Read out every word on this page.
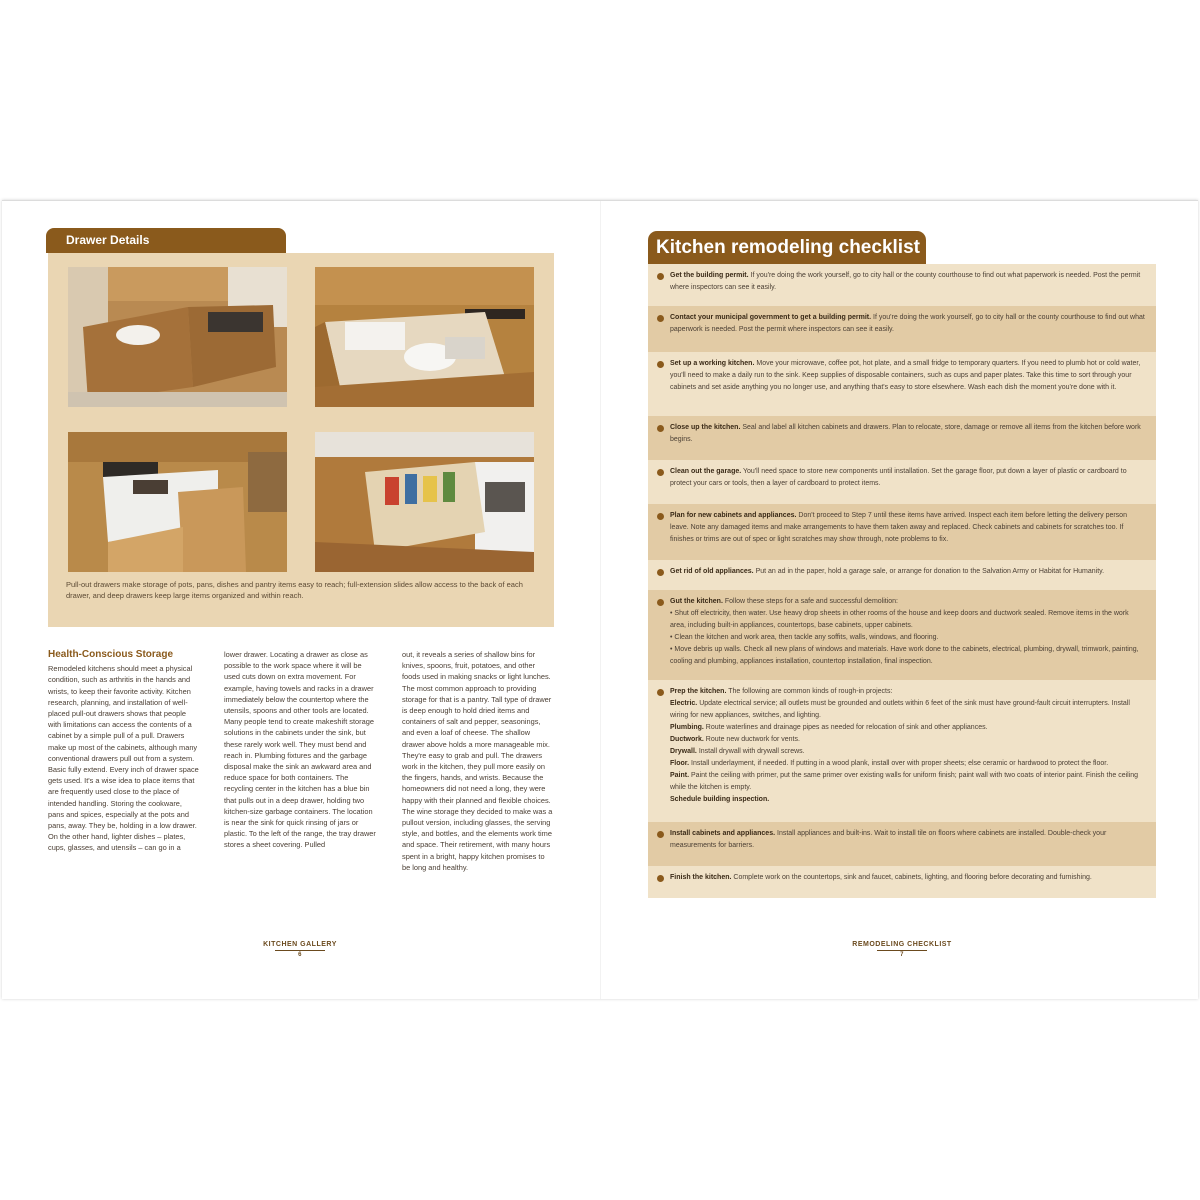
Drawer Details

Pull-out drawers make storage of pots, pans, dishes and pantry items easy to reach; full-extension slides allow access to the back of each drawer, and deep drawers keep large items organized and within reach.

Health-Conscious Storage

Remodeled kitchens should meet a physical condition, such as arthritis in the hands and wrists, to keep their favorite activity. Kitchen research, planning, and installation of well-placed pull-out drawers shows that people with limitations can access the contents of a cabinet by a simple pull of a pull. Drawers make up most of the cabinets, although many conventional drawers pull out from a system. Basic fully extend. Every inch of drawer space gets used. It's a wise idea to place items that are frequently used close to the place of intended handling. Storing the cookware, pans and spices, especially at the pots and pans, away. They be, holding in a low drawer. On the other hand, lighter dishes – plates, cups, glasses, and utensils – can go in a

lower drawer. Locating a drawer as close as possible to the work space where it will be used cuts down on extra movement. For example, having towels and racks in a drawer immediately below the countertop where the utensils, spoons and other tools are located. Many people tend to create makeshift storage solutions in the cabinets under the sink, but these rarely work well. They must bend and reach in. Plumbing fixtures and the garbage disposal make the sink an awkward area and reduce space for both containers. The recycling center in the kitchen has a blue bin that pulls out in a deep drawer, holding two kitchen-size garbage containers. The location is near the sink for quick rinsing of jars or plastic. To the left of the range, the tray drawer stores a sheet covering. Pulled

out, it reveals a series of shallow bins for knives, spoons, fruit, potatoes, and other foods used in making snacks or light lunches. The most common approach to providing storage for that is a pantry. Tall type of drawer is deep enough to hold dried items and containers of salt and pepper, seasonings, and even a loaf of cheese. The shallow drawer above holds a more manageable mix. They're easy to grab and pull. The drawers work in the kitchen, they pull more easily on the fingers, hands, and wrists. Because the homeowners did not need a long, they were happy with their planned and flexible choices. The wine storage they decided to make was a pullout version, including glasses, the serving style, and bottles, and the elements work time and space. Their retirement, with many hours spent in a bright, happy kitchen promises to be long and healthy.

KITCHEN GALLERY
6
Kitchen remodeling checklist

Get the building permit. If you're doing the work yourself, go to city hall or the county courthouse to find out what paperwork is needed. Post the permit where inspectors can see it easily.

Contact your municipal government to get a building permit. If you're doing the work yourself, go to city hall or the county courthouse to find out what paperwork is needed. Post the permit where inspectors can see it easily.

Set up a working kitchen. Move your microwave, coffee pot, hot plate, and a small fridge to temporary quarters. If you need to plumb hot or cold water, you'll need to make a daily run to the sink. Keep supplies of disposable containers, such as cups and paper plates. Take this time to sort through your cabinets and set aside anything you no longer use, and anything that's easy to store elsewhere. Wash each dish the moment you're done with it.

Close up the kitchen. Seal and label all kitchen cabinets and drawers. Plan to relocate, store, damage or remove all items from the kitchen before work begins.

Clean out the garage. You'll need space to store new components until installation. Set the garage floor, put down a layer of plastic or cardboard to protect your cars or tools, then a layer of cardboard to protect items.

Plan for new cabinets and appliances. Don't proceed to Step 7 until these items have arrived. Inspect each item before letting the delivery person leave. Note any damaged items and make arrangements to have them taken away and replaced. Check cabinets and cabinets for scratches too. If finishes or trims are out of spec or light scratches may show through, note problems to fix.

Get rid of old appliances. Put an ad in the paper, hold a garage sale, or arrange for donation to the Salvation Army or Habitat for Humanity.

Gut the kitchen. Follow these steps for a safe and successful demolition:

• Shut off electricity, then water. Use heavy drop sheets in other rooms of the house and keep doors and ductwork sealed. Remove items in the work area, including built-in appliances, countertops, base cabinets, upper cabinets.

• Clean the kitchen and work area, then tackle any soffits, walls, windows, and flooring.

• Move debris up walls. Check all new plans of windows and materials. Have work done to the cabinets, electrical, plumbing, drywall, trimwork, painting, cooling and plumbing, appliances installation, countertop installation, final inspection.

Prep the kitchen. The following are common kinds of rough-in projects:

Electric. Update electrical service; all outlets must be grounded and outlets within 6 feet of the sink must have ground-fault circuit interrupters. Install wiring for new appliances, switches, and lighting.

Plumbing. Route waterlines and drainage pipes as needed for relocation of sink and other appliances.

Ductwork. Route new ductwork for vents.

Drywall. Install drywall with drywall screws.

Floor. Install underlayment, if needed. If putting in a wood plank, install over with proper sheets; else ceramic or hardwood to protect the floor.

Paint. Paint the ceiling with primer, put the same primer over existing walls for uniform finish; paint wall with two coats of interior paint. Finish the ceiling while the kitchen is empty.

Schedule building inspection.

Install cabinets and appliances. Install appliances and built-ins. Wait to install tile on floors where cabinets are installed. Double-check your measurements for barriers.

Finish the kitchen. Complete work on the countertops, sink and faucet, cabinets, lighting, and flooring before decorating and furnishing.

REMODELING CHECKLIST
7
